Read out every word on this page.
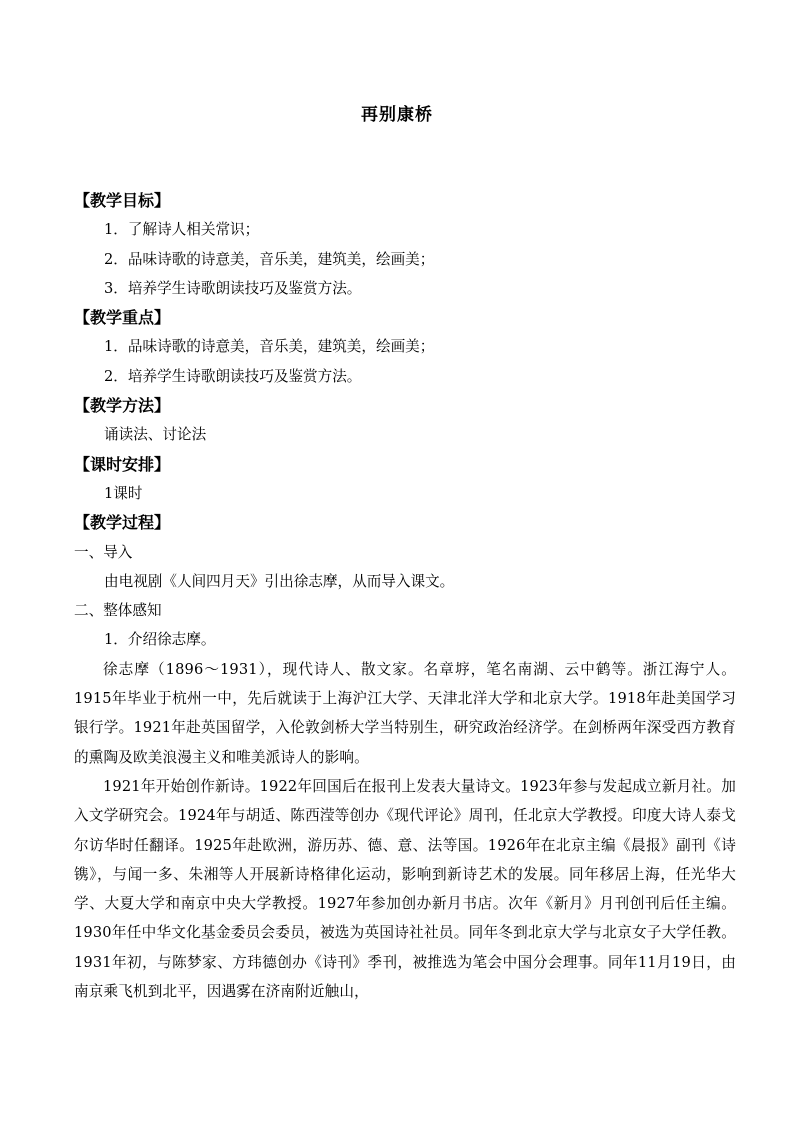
再别康桥
【教学目标】
1．了解诗人相关常识；
2．品味诗歌的诗意美，音乐美，建筑美，绘画美；
3．培养学生诗歌朗读技巧及鉴赏方法。
【教学重点】
1．品味诗歌的诗意美，音乐美，建筑美，绘画美；
2．培养学生诗歌朗读技巧及鉴赏方法。
【教学方法】
诵读法、讨论法
【课时安排】
1课时
【教学过程】
一、导入
由电视剧《人间四月天》引出徐志摩，从而导入课文。
二、整体感知
1．介绍徐志摩。
徐志摩（1896～1931），现代诗人、散文家。名章垿，笔名南湖、云中鹤等。浙江海宁人。1915年毕业于杭州一中，先后就读于上海沪江大学、天津北洋大学和北京大学。1918年赴美国学习银行学。1921年赴英国留学，入伦敦剑桥大学当特别生，研究政治经济学。在剑桥两年深受西方教育的熏陶及欧美浪漫主义和唯美派诗人的影响。
1921年开始创作新诗。1922年回国后在报刊上发表大量诗文。1923年参与发起成立新月社。加入文学研究会。1924年与胡适、陈西滢等创办《现代评论》周刊，任北京大学教授。印度大诗人泰戈尔访华时任翻译。1925年赴欧洲，游历苏、德、意、法等国。1926年在北京主编《晨报》副刊《诗镌》，与闻一多、朱湘等人开展新诗格律化运动，影响到新诗艺术的发展。同年移居上海，任光华大学、大夏大学和南京中央大学教授。1927年参加创办新月书店。次年《新月》月刊创刊后任主编。1930年任中华文化基金委员会委员，被选为英国诗社社员。同年冬到北京大学与北京女子大学任教。1931年初，与陈梦家、方玮德创办《诗刊》季刊，被推选为笔会中国分会理事。同年11月19日，由南京乘飞机到北平，因遇雾在济南附近触山，
